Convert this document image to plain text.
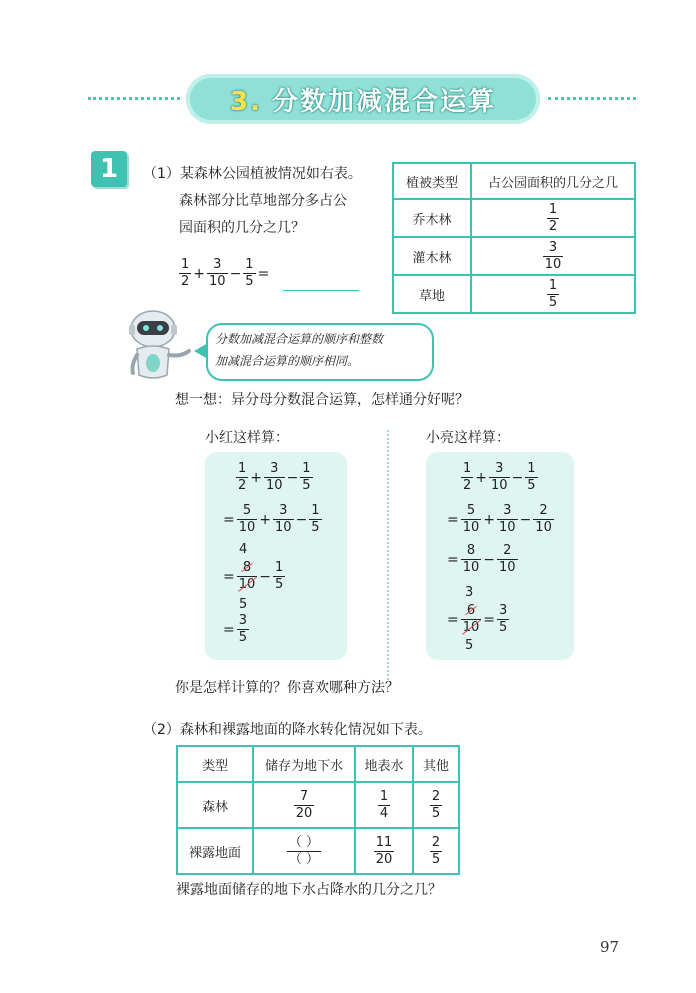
3. 分数加减混合运算
1	（1）某森林公园植被情况如右表。
森林部分比草地部分多占公
园面积的几分之几？
$\frac{1}{2} + \frac{3}{10} - \frac{1}{5}$ =
植被类型	占公园面积的几分之几
乔木林	$\frac{1}{2}$

灌木林	$\frac{3}{10}$

草地	$\frac{1}{5}$
分数加减混合运算的顺序和整数
加减混合运算的顺序相同。
想一想：异分母分数混合运算，怎样通分好呢？
小红这样算：
$\frac{1}{2} + \frac{3}{10} - \frac{1}{5}$
= $\frac{5}{10} + \frac{3}{10} - \frac{1}{5}$
4
= $\frac{8}{10} - \frac{1}{5}$
5
= $\frac{3}{5}$
小亮这样算：
$\frac{1}{2} + \frac{3}{10} - \frac{1}{5}$
= $\frac{5}{10} + \frac{3}{10} - \frac{2}{10}$
= $\frac{8}{10} - \frac{2}{10}$
3
= $\frac{6}{10} = \frac{3}{5}$
5

你是怎样计算的？你喜欢哪种方法？
（2）森林和裸露地面的降水转化情况如下表。
类型	储存为地下水	地表水	其他
森林	$\frac{7}{20}$	$\frac{1}{4}$	$\frac{2}{5}$

裸露地面	$\frac{( )}{( )}$	$\frac{11}{20}$	$\frac{2}{5}$
裸露地面储存的地下水占降水的几分之几？
97
